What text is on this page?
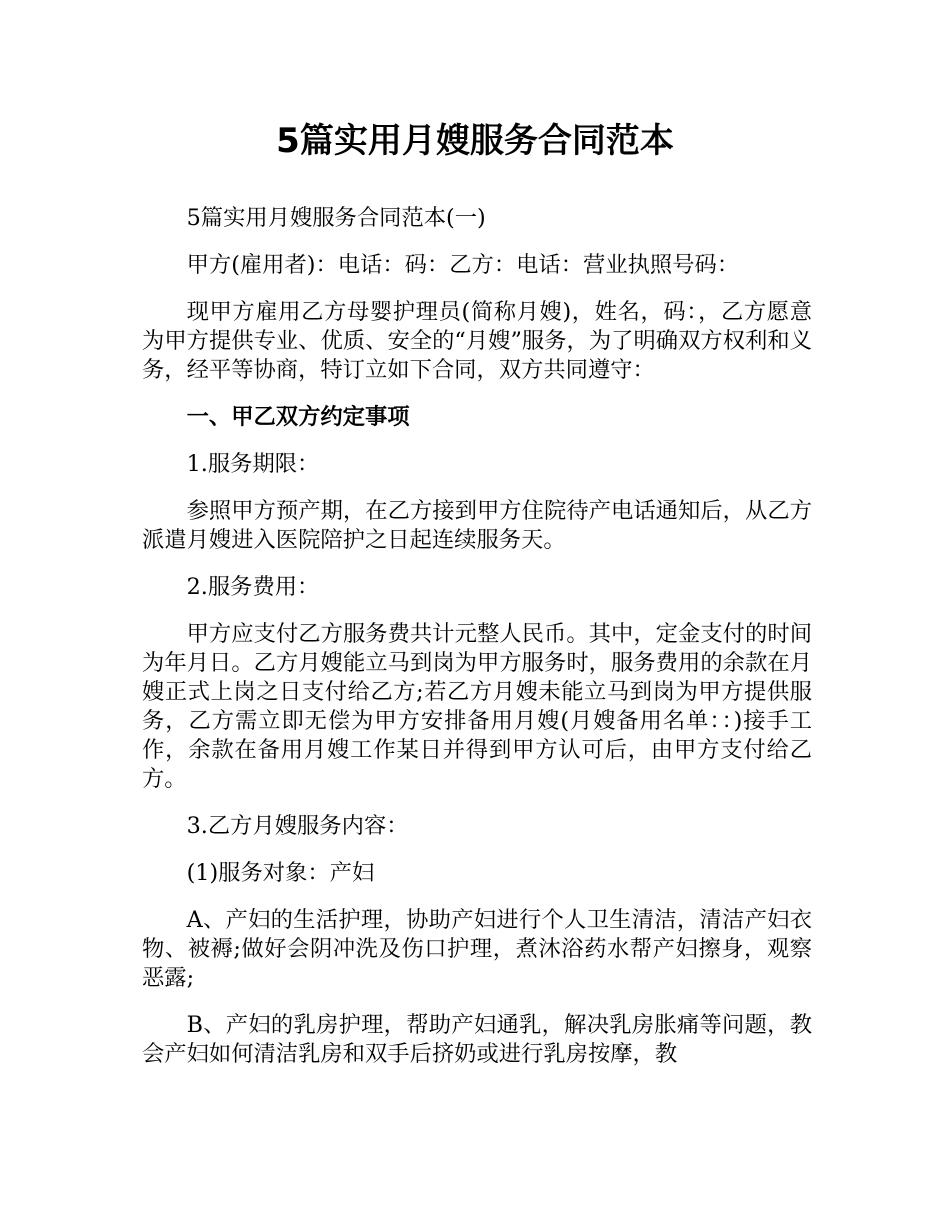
5篇实用月嫂服务合同范本

5篇实用月嫂服务合同范本(一)

甲方(雇用者)：电话：码：乙方：电话：营业执照号码：

现甲方雇用乙方母婴护理员(简称月嫂)，姓名，码：，乙方愿意为甲方提供专业、优质、安全的“月嫂”服务，为了明确双方权利和义务，经平等协商，特订立如下合同，双方共同遵守：

一、甲乙双方约定事项

1.服务期限：

参照甲方预产期，在乙方接到甲方住院待产电话通知后，从乙方派遣月嫂进入医院陪护之日起连续服务天。

2.服务费用：

甲方应支付乙方服务费共计元整人民币。其中，定金支付的时间为年月日。乙方月嫂能立马到岗为甲方服务时，服务费用的余款在月嫂正式上岗之日支付给乙方;若乙方月嫂未能立马到岗为甲方提供服务，乙方需立即无偿为甲方安排备用月嫂(月嫂备用名单：：)接手工作，余款在备用月嫂工作某日并得到甲方认可后，由甲方支付给乙方。

3.乙方月嫂服务内容：

(1)服务对象：产妇

A、产妇的生活护理，协助产妇进行个人卫生清洁，清洁产妇衣物、被褥;做好会阴冲洗及伤口护理，煮沐浴药水帮产妇擦身，观察恶露;

B、产妇的乳房护理，帮助产妇通乳，解决乳房胀痛等问题，教会产妇如何清洁乳房和双手后挤奶或进行乳房按摩，教
